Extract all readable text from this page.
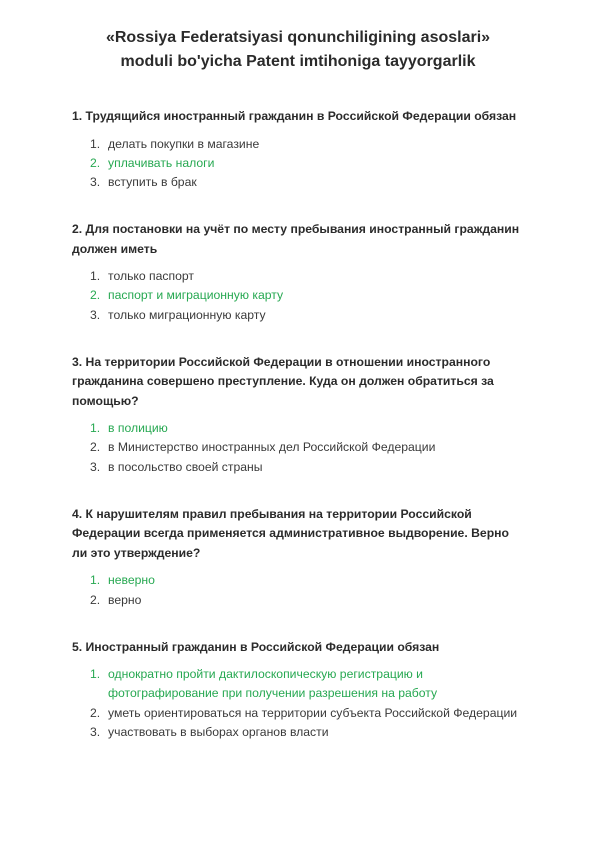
«Rossiya Federatsiyasi qonunchiligining asoslari»
moduli bo'yicha Patent imtihoniga tayyorgarlik

1. Трудящийся иностранный гражданин в Российской Федерации обязан

1. делать покупки в магазине
2. уплачивать налоги
3. вступить в брак

2. Для постановки на учёт по месту пребывания иностранный гражданин должен иметь

1. только паспорт
2. паспорт и миграционную карту
3. только миграционную карту

3. На территории Российской Федерации в отношении иностранного гражданина совершено преступление. Куда он должен обратиться за помощью?

1. в полицию
2. в Министерство иностранных дел Российской Федерации
3. в посольство своей страны

4. К нарушителям правил пребывания на территории Российской Федерации всегда применяется административное выдворение. Верно ли это утверждение?

1. неверно
2. верно

5. Иностранный гражданин в Российской Федерации обязан

1. однократно пройти дактилоскопическую регистрацию и фотографирование при получении разрешения на работу
2. уметь ориентироваться на территории субъекта Российской Федерации
3. участвовать в выборах органов власти
